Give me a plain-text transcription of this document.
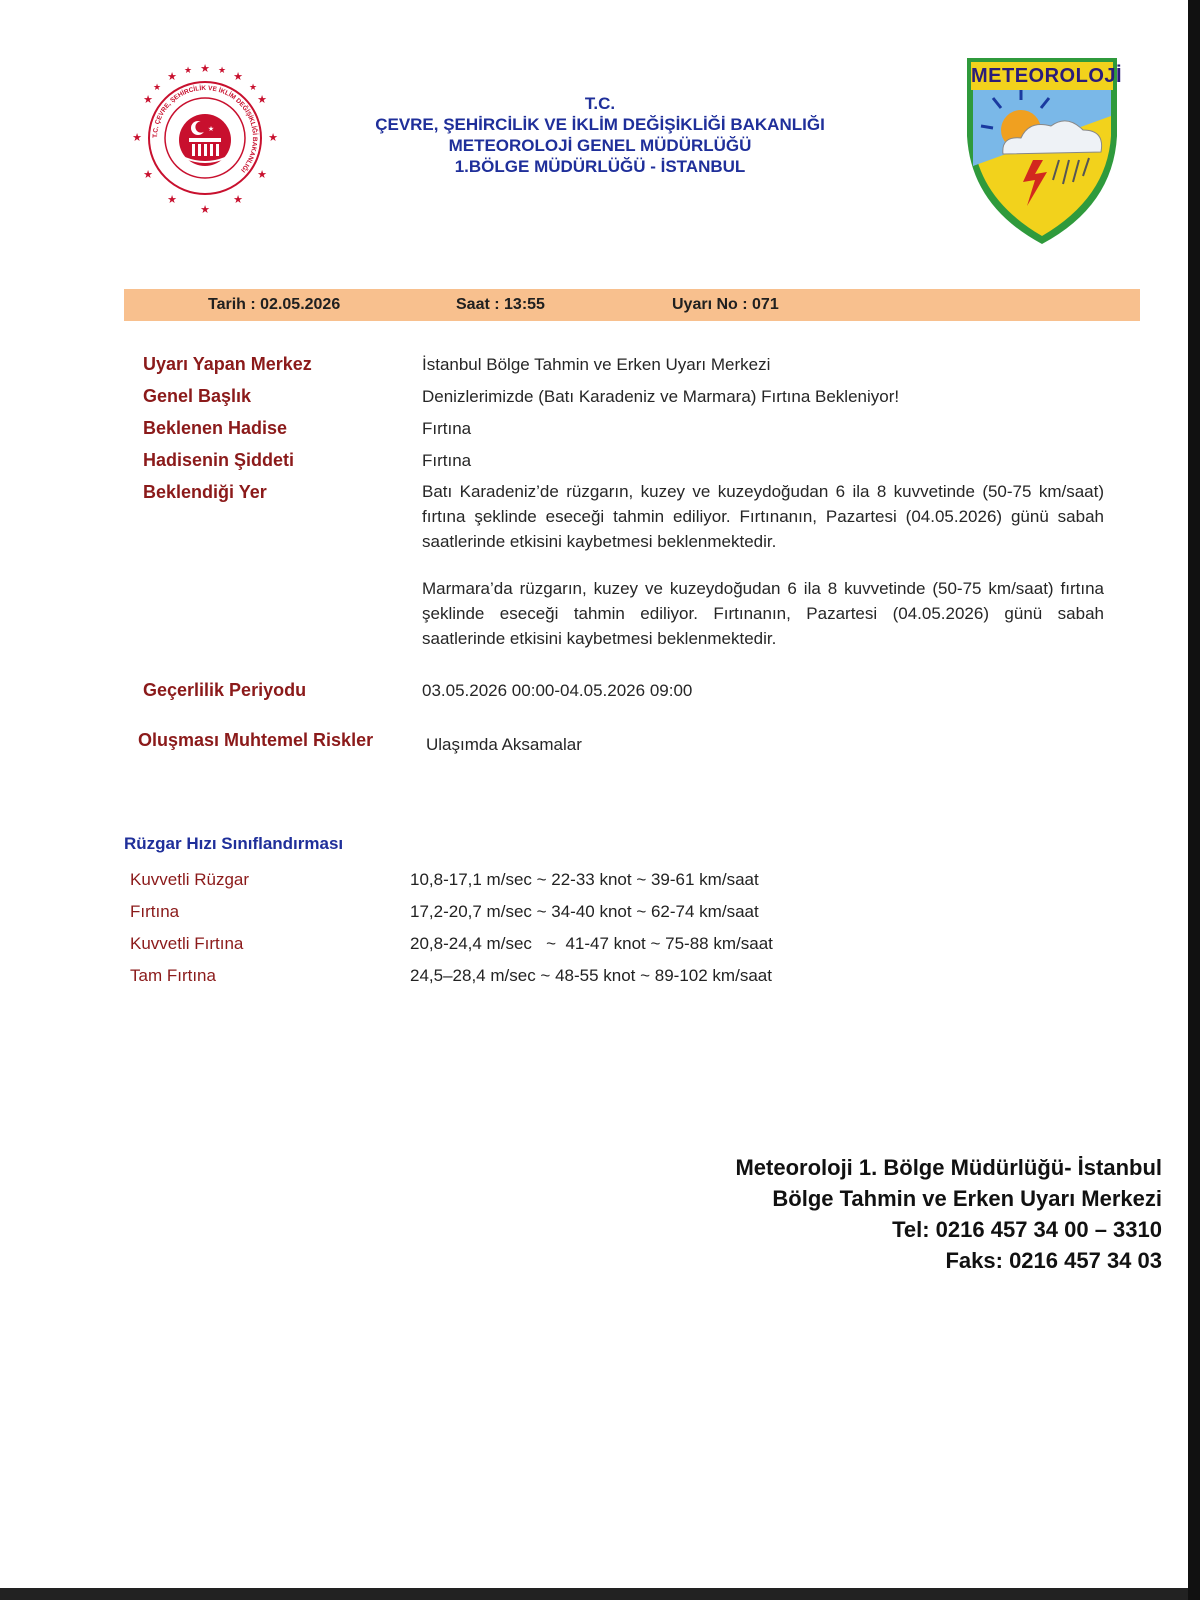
★
★
★
★
★
★
★
★
★
★
★
★
★
★
★
★
T.C. ÇEVRE, ŞEHİRCİLİK VE İKLİM DEĞİŞİKLİĞİ BAKANLIĞI
★
T.C.
ÇEVRE, ŞEHİRCİLİK VE İKLİM DEĞİŞİKLİĞİ BAKANLIĞI
METEOROLOJİ GENEL MÜDÜRLÜĞÜ
1.BÖLGE MÜDÜRLÜĞÜ - İSTANBUL
METEOROLOJİ
Tarih : 02.05.2026	Saat : 13:55	Uyarı No : 071
Uyarı Yapan Merkez	İstanbul Bölge Tahmin ve Erken Uyarı Merkezi
Genel Başlık	Denizlerimizde (Batı Karadeniz ve Marmara) Fırtına Bekleniyor!
Beklenen Hadise	Fırtına
Hadisenin Şiddeti	Fırtına
Beklendiği Yer	Batı Karadeniz’de rüzgarın, kuzey ve kuzeydoğudan 6 ila 8 kuvvetinde (50-75 km/saat) fırtına şeklinde eseceği tahmin ediliyor. Fırtınanın, Pazartesi (04.05.2026) günü sabah saatlerinde etkisini kaybetmesi beklenmektedir.
Marmara’da rüzgarın, kuzey ve kuzeydoğudan 6 ila 8 kuvvetinde (50-75 km/saat) fırtına şeklinde eseceği tahmin ediliyor. Fırtınanın, Pazartesi (04.05.2026) günü sabah saatlerinde etkisini kaybetmesi beklenmektedir.
Geçerlilik Periyodu	03.05.2026 00:00-04.05.2026 09:00
Oluşması Muhtemel Riskler	Ulaşımda Aksamalar
Rüzgar Hızı Sınıflandırması
Kuvvetli Rüzgar	10,8-17,1 m/sec ~ 22-33 knot ~ 39-61 km/saat
Fırtına	17,2-20,7 m/sec ~ 34-40 knot ~ 62-74 km/saat
Kuvvetli Fırtına	20,8-24,4 m/sec   ~  41-47 knot ~ 75-88 km/saat
Tam Fırtına	24,5–28,4 m/sec ~ 48-55 knot ~ 89-102 km/saat
Meteoroloji 1. Bölge Müdürlüğü- İstanbul
Bölge Tahmin ve Erken Uyarı Merkezi
Tel: 0216 457 34 00 – 3310
Faks: 0216 457 34 03
